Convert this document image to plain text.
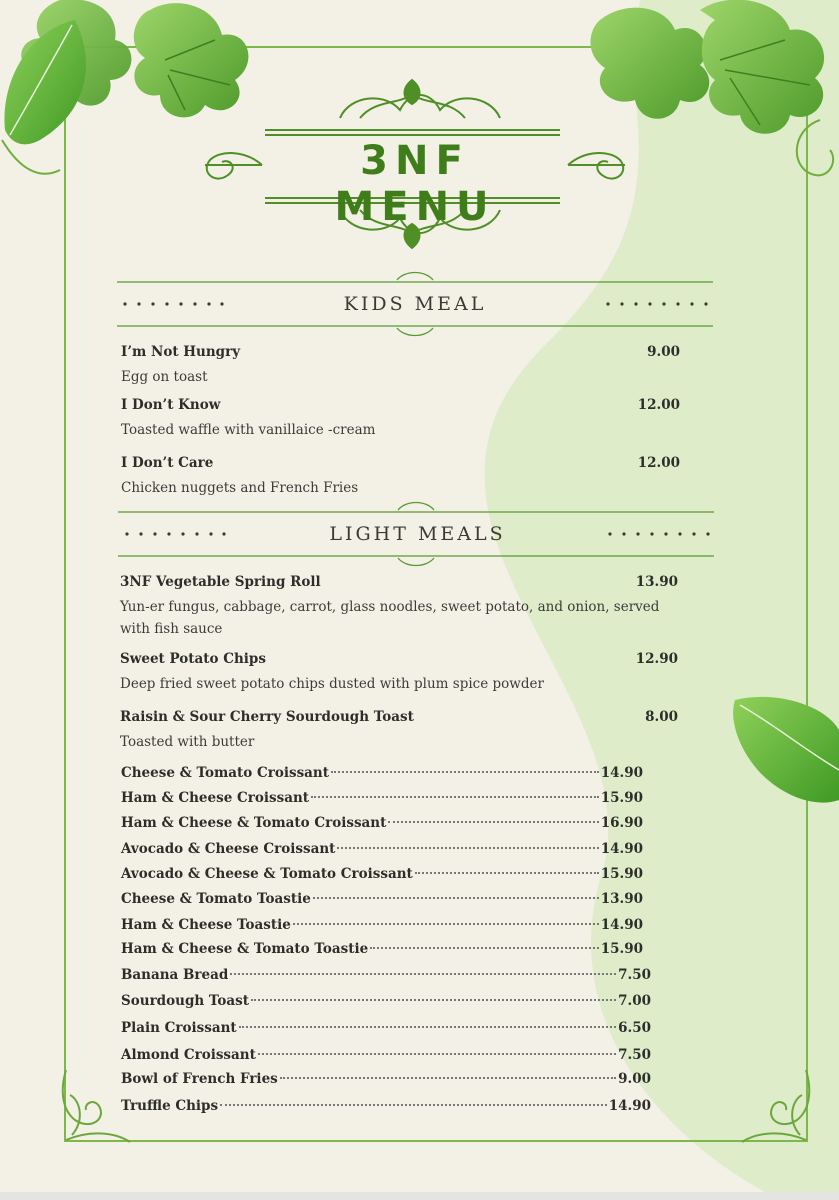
3NF MENU
KIDS MEAL
I’m Not Hungry	9.00
Egg on toast
I Don’t Know	12.00
Toasted waffle with vanillaice -cream
I Don’t Care	12.00
Chicken nuggets and French Fries
LIGHT MEALS
3NF Vegetable Spring Roll	13.90
Yun-er fungus, cabbage, carrot, glass noodles, sweet potato, and onion, served with fish sauce
Sweet Potato Chips	12.90
Deep fried sweet potato chips dusted with plum spice powder
Raisin & Sour Cherry Sourdough Toast	8.00
Toasted with butter
Cheese & Tomato Croissant	14.90
Ham & Cheese Croissant	15.90
Ham & Cheese & Tomato Croissant	16.90
Avocado & Cheese Croissant	14.90
Avocado & Cheese & Tomato Croissant	15.90
Cheese & Tomato Toastie	13.90
Ham & Cheese Toastie	14.90
Ham & Cheese & Tomato Toastie	15.90
Banana Bread	7.50
Sourdough Toast	7.00
Plain Croissant	6.50
Almond Croissant	7.50
Bowl of French Fries	9.00
Truffle Chips	14.90
